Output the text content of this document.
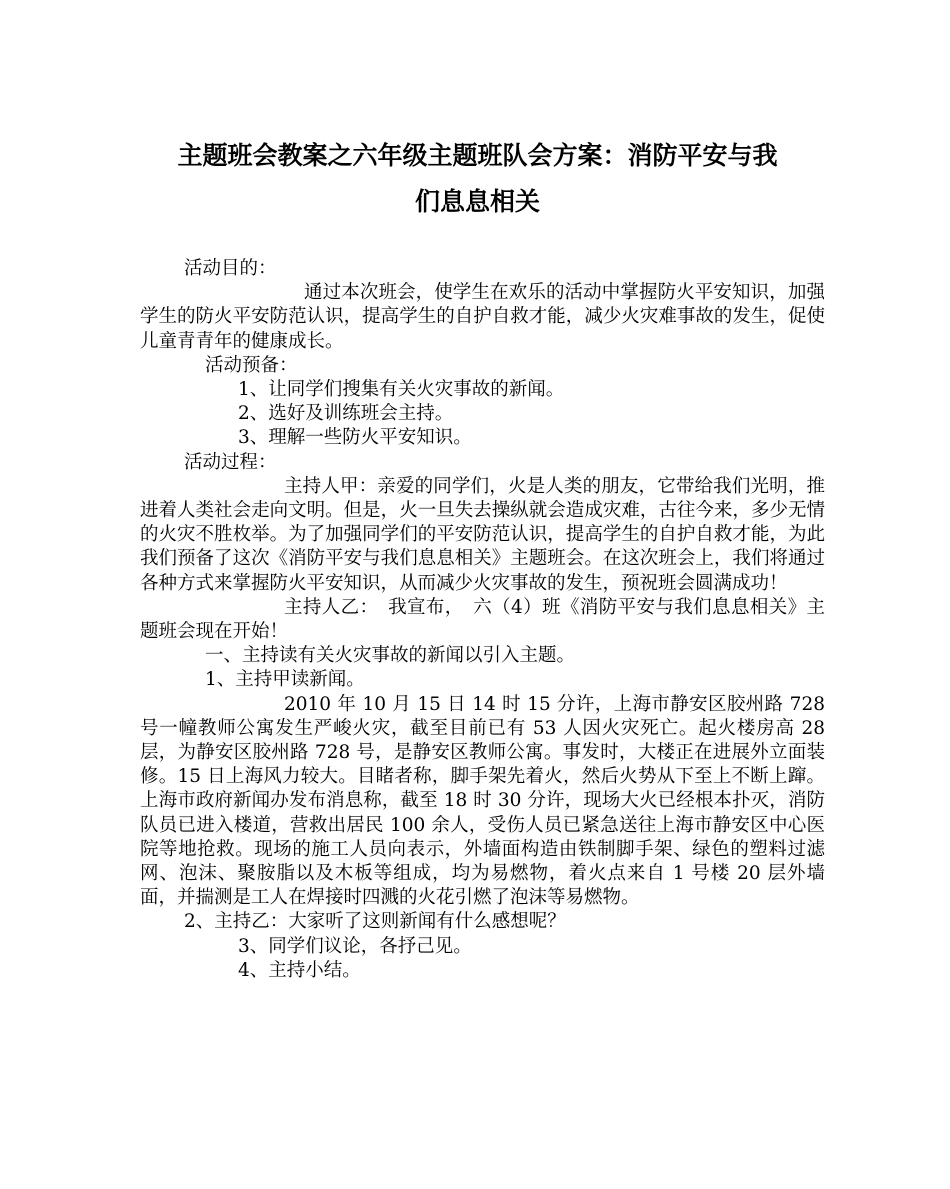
主题班会教案之六年级主题班队会方案：消防平安与我
们息息相关

活动目的：

通过本次班会，使学生在欢乐的活动中掌握防火平安知识，加强学生的防火平安防范认识，提高学生的自护自救才能，减少火灾难事故的发生，促使儿童青青年的健康成长。

活动预备：

1、让同学们搜集有关火灾事故的新闻。

2、选好及训练班会主持。

3、理解一些防火平安知识。

活动过程：

主持人甲：亲爱的同学们，火是人类的朋友，它带给我们光明，推进着人类社会走向文明。但是，火一旦失去操纵就会造成灾难，古往今来，多少无情的火灾不胜枚举。为了加强同学们的平安防范认识，提高学生的自护自救才能，为此我们预备了这次《消防平安与我们息息相关》主题班会。在这次班会上，我们将通过各种方式来掌握防火平安知识，从而减少火灾事故的发生，预祝班会圆满成功！

主持人乙：　我宣布，　六（4）班《消防平安与我们息息相关》主题班会现在开始！

一、主持读有关火灾事故的新闻以引入主题。

1、主持甲读新闻。

2010 年 10 月 15 日 14 时 15 分许，上海市静安区胶州路 728 号一幢教师公寓发生严峻火灾，截至目前已有 53 人因火灾死亡。起火楼房高 28 层，为静安区胶州路 728 号，是静安区教师公寓。事发时，大楼正在进展外立面装修。15 日上海风力较大。目睹者称，脚手架先着火，然后火势从下至上不断上蹿。上海市政府新闻办发布消息称，截至 18 时 30 分许，现场大火已经根本扑灭，消防队员已进入楼道，营救出居民 100 余人，受伤人员已紧急送往上海市静安区中心医院等地抢救。现场的施工人员向表示，外墙面构造由铁制脚手架、绿色的塑料过滤网、泡沫、聚胺脂以及木板等组成，均为易燃物，着火点来自 1 号楼 20 层外墙面，并揣测是工人在焊接时四溅的火花引燃了泡沫等易燃物。

2、主持乙：大家听了这则新闻有什么感想呢？

3、同学们议论，各抒己见。

4、主持小结。
